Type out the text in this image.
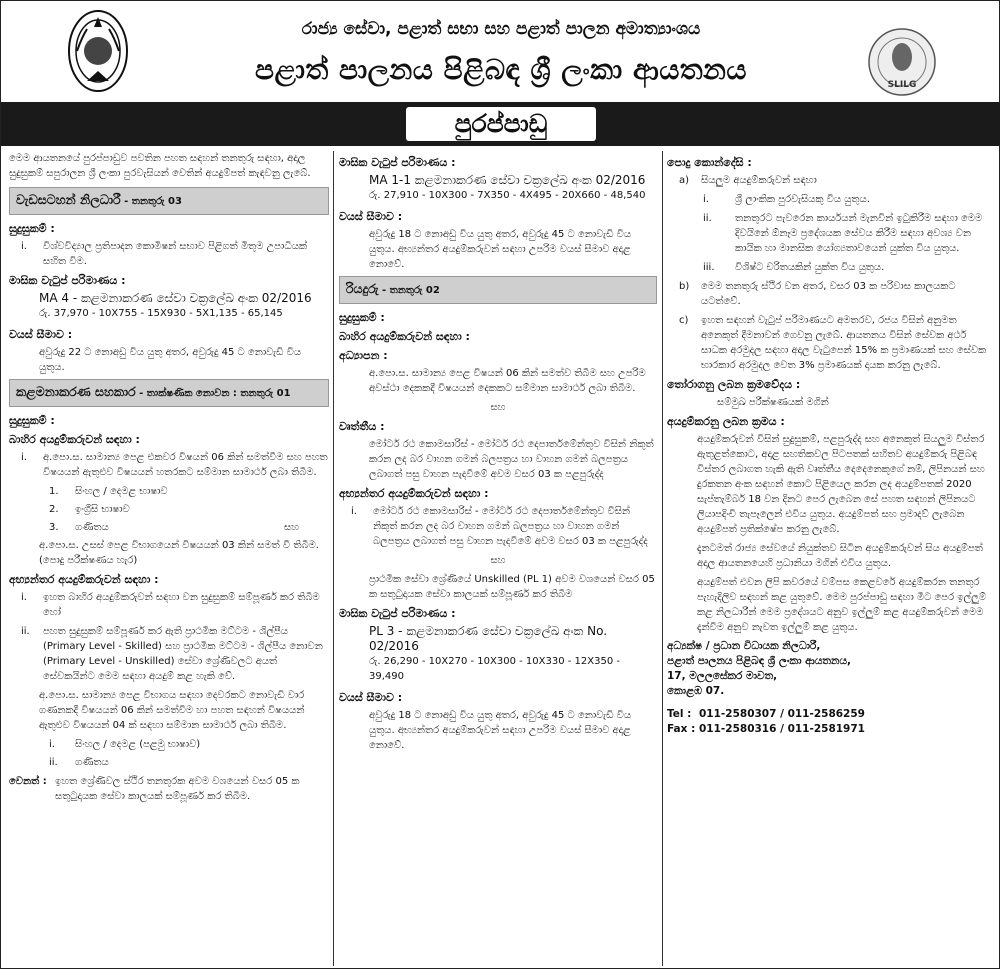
රාජ්‍ය සේවා, පළාත් සභා සහ පළාත් පාලන අමාත්‍යාංශය
පළාත් පාලනය පිළිබඳ ශ්‍රී ලංකා ආයතනය	SLILG
පුරප්පාඩු
මෙම ආයතනයේ පුරප්පාඩුව පවතින පහත සඳහන් තනතුරු සඳහා, අදාල සුදුසුකම් සපුරාලන ශ්‍රී ලංකා පුරවැසියන් වෙතින් අයදුම්පත් කැඳවනු ලැබේ.
වැඩසටහන් නිලධාරී - තනතුරු 03
සුදුසුකම් :
i.	විශ්වවිද්‍යාල ප්‍රතිපාදන කොමිෂන් සභාව පිළිගත් මිතුම උපාධියක් සහිත විම.
මාසික වැටුප් පරිමාණය :
MA 4 - කළමනාකරණ සේවා චක්‍රලේඛ අංක 02/2016
රු. 37,970 - 10X755 - 15X930 - 5X1,135 - 65,145
වයස් සීමාව :
අවුරුදු 22 ට නොඅඩු විය යුතු අතර, අවුරුදු 45 ට නොවැඩි විය යුතුය.
කළමනාකරණ සහකාර - තාක්ෂණික නොවන : තනතුරු 01
සුදුසුකම් :
බාහිර අයදුම්කරුවන් සඳහා :
i.	අ.පො.ස. සාමාන්‍ය පෙළ එකවර විෂයන් 06 කින් සමත්වීම සහ පහත විෂයයන් ඇතුළුව විෂයයන් හතරකට සම්මාන සාමාර්ථ ලබා තිබීම.
1.	සිංහල / දෙමළ භාෂාව
2.	ඉංග්‍රීසි භාෂාව
3.	ගණිතය	සහ
අ.පො.ස. උසස් පෙළ විභාගයෙන් විෂයයන් 03 කින් සමත් වී තිබීම. (පොදු පරීක්ෂණය හැර)
අභ්‍යන්තර අයදුම්කරුවන් සඳහා :
i.	ඉහත බාහිර අයදුම්කරුවන් සඳහා වන සුදුසුකම් සම්පූර්ණ කර තිබීම හෝ
ii.	පහත සුදුසුකම් සම්පූර්ණ කර ඇති ප්‍රාථමික මට්ටම - ශිල්පීය (Primary Level - Skilled) සහ ප්‍රාථමික මට්ටම - ශිල්පීය නොවන (Primary Level - Unskilled) සේවා ශ්‍රේණිවලට අයත් සේවකයින්ට මෙම සඳහා අයදුම් කළ හැකි වේ.
අ.පො.ස. සාමාන්‍ය පෙළ විභාගය සඳහා දෙවරකට නොවැඩි වාර ගණනකදී විෂයයන් 06 කින් සමත්වීම හා පහත සඳහන් විෂයයන් ඇතුළුව විෂයයන් 04 ක් සඳහා සම්මාන සාමාර්ථ ලබා තිබීම.
i.	සිංහල / දෙමළ (පළමු භාෂාව)
ii.	ගණිතය
වෙනත් : ඉහත ශ්‍රේණිවල ස්ථිර තනතුරක අවම වශයෙන් වසර 05 ක සතුටුදායක සේවා කාලයක් සම්පූර්ණ කර තිබීම.
මාසික වැටුප් පරිමාණය :
MA 1-1 කළමනාකරණ සේවා චක්‍රලේඛ අංක 02/2016
රු. 27,910 - 10X300 - 7X350 - 4X495 - 20X660 - 48,540
වයස් සීමාව :
අවුරුදු 18 ට නොඅඩු විය යුතු අතර, අවුරුදු 45 ට නොවැඩි විය යුතුය. අභ්‍යන්තර අයදුම්කරුවන් සඳහා උපරිම වයස් සීමාව අදාළ නොවේ.
රියදුරු - තනතුරු 02
සුදුසුකම් :
බාහිර අයදුම්කරුවන් සඳහා :
අධ්‍යාපන :
අ.පො.ස. සාමාන්‍ය පෙළ විෂයන් 06 කින් සමත්ව තිබීම සහ උපරිම අවස්ථා දෙකකදී විෂයයන් දෙකකට සම්මාන සාමාර්ථ ලබා තිබීම.
සහ
වෘත්තීය :
මෝටර් රථ කොමසාරිස් - මෝටර් රථ දෙපාර්තමේන්තුව විසින් නිකුත් කරන ලද බර වාහන ගමන් බලපත්‍රය හා වාහන ගමන් බලපත්‍රය ලබාගත් පසු වාහන පැදවීමේ අවම වසර 03 ක පළපුරුද්ද
අභ්‍යන්තර අයදුම්කරුවන් සඳහා :
i.	මෝටර් රථ කොමසාරිස් - මෝටර් රථ දෙපාර්තමේන්තුව විසින් නිකුත් කරන ලද බර වාහන ගමන් බලපත්‍රය හා වාහන ගමන් බලපත්‍රය ලබාගත් පසු වාහන පැදවීමේ අවම වසර 03 ක පළපුරුද්ද
සහ
ප්‍රාථමික සේවා ශ්‍රේණියේ Unskilled (PL 1) අවම වශයෙන් වසර 05 ක සතුටුදායක සේවා කාලයක් සම්පූර්ණ කර තිබීම
මාසික වැටුප් පරිමාණය :
PL 3 - කළමනාකරණ සේවා චක්‍රලේඛ අංක No. 02/2016
රු. 26,290 - 10X270 - 10X300 - 10X330 - 12X350 - 39,490
වයස් සීමාව :
අවුරුදු 18 ට නොඅඩු විය යුතු අතර, අවුරුදු 45 ට නොවැඩි විය යුතුය. අභ්‍යන්තර අයදුම්කරුවන් සඳහා උපරිම වයස් සීමාව අදාළ නොවේ.
පොදු කොන්දේසි :
a)	සියලුම අයදුම්කරුවන් සඳහා
i.	ශ්‍රී ලාංකික පුරවැසියකු විය යුතුය.
ii.	තනතුරට පැවරෙන කාර්යයන් මැනවින් ඉටුකිරීම සඳහා මෙම දිවයිනේ ඕනෑම ප්‍රදේශයක සේවය කිරීම සඳහා අවශ්‍ය වන කායික හා මානසික යෝග්‍යතාවයෙන් යුක්ත විය යුතුය.
iii.	විශිෂ්ට චරිතයකින් යුක්ත විය යුතුය.
b)	මෙම තනතුරු ස්ථිර වන අතර, වසර 03 ක පරිවාස කාලයකට යටත්වේ.
c)	ඉහත සඳහන් වැටුප් පරිමාණයට අමතරව, රජය විසින් අනුමත අනෙකුත් දීමනාවන් ගෙවනු ලැබේ. ආයතනය විසින් සේවක අර්ථ සාධක අරමුදල සඳහා අදාල වැටුපෙන් 15% ක ප්‍රමාණයක් සහ සේවක භාරකාර අරමුදල වෙත 3% ප්‍රමාණයක් දායක කරනු ලැබේ.
තෝරාගනු ලබන ක්‍රමවේදය :
සම්මුඛ පරීක්ෂණයක් මගින්
අයදුම්කරනු ලබන ක්‍රමය :
අයදුම්කරුවන් විසින් සුදුසුකම්, පළපුරුද්ද සහ අනෙකුත් සියලුම විස්තර ඇතුළත්කොට, අදාළ සහතිකවල පිටපතක් සහිතව අයදුම්කරු පිළිබඳ විස්තර ලබාගත හැකි ඇති වෘත්තීය දෙදෙනෙකුගේ නම්, ලිපිනයන් සහ දුරකතන අංක සඳහන් කොට පිළියෙල කරන ලද අයදුම්පතක් 2020 සැප්තැම්බර් 18 වන දිනට පෙර ලැබෙන සේ පහත සඳහන් ලිපිනයට ලියාපදිංචි තැපෑලෙන් එවිය යුතුය. අයදුම්පත් සහ ප්‍රමාදව් ලැබෙන අයදුම්පත් ප්‍රතික්ෂේප කරනු ලැබේ.
දැනටමත් රාජ්‍ය සේවයේ නියුක්තව සිටින අයදුම්කරුවන් සිය අයදුම්පත් අදාල ආයතනයෙහි ප්‍රධානියා මගින් එවිය යුතුය.
අයදුම්පත් එවන ලිපි කවරයේ වම්පස කෙළවරේ අයදුම්කරන තනතුර පැහැදිලිව සඳහන් කළ යුතුවේ. මෙම පුරප්පාඩු සඳහා මීට පෙර ඉල්ලුම් කළ නිලධාරීන් මෙම ප්‍රදේශයට අනුව ඉල්ලුම් කළ අයදුම්කරුවන් මෙම දැන්වීම අනුව නැවත ඉල්ලුම් කළ යුතුය.
අධ්‍යක්ෂ / ප්‍රධාන විධායක නිලධාරී,
පළාත් පාලනය පිළිබඳ ශ්‍රී ලංකා ආයතනය,
17, මලලසේකර මාවත,
කොළඹ 07.
Tel : 011-2580307 / 011-2586259
Fax : 011-2580316 / 011-2581971
